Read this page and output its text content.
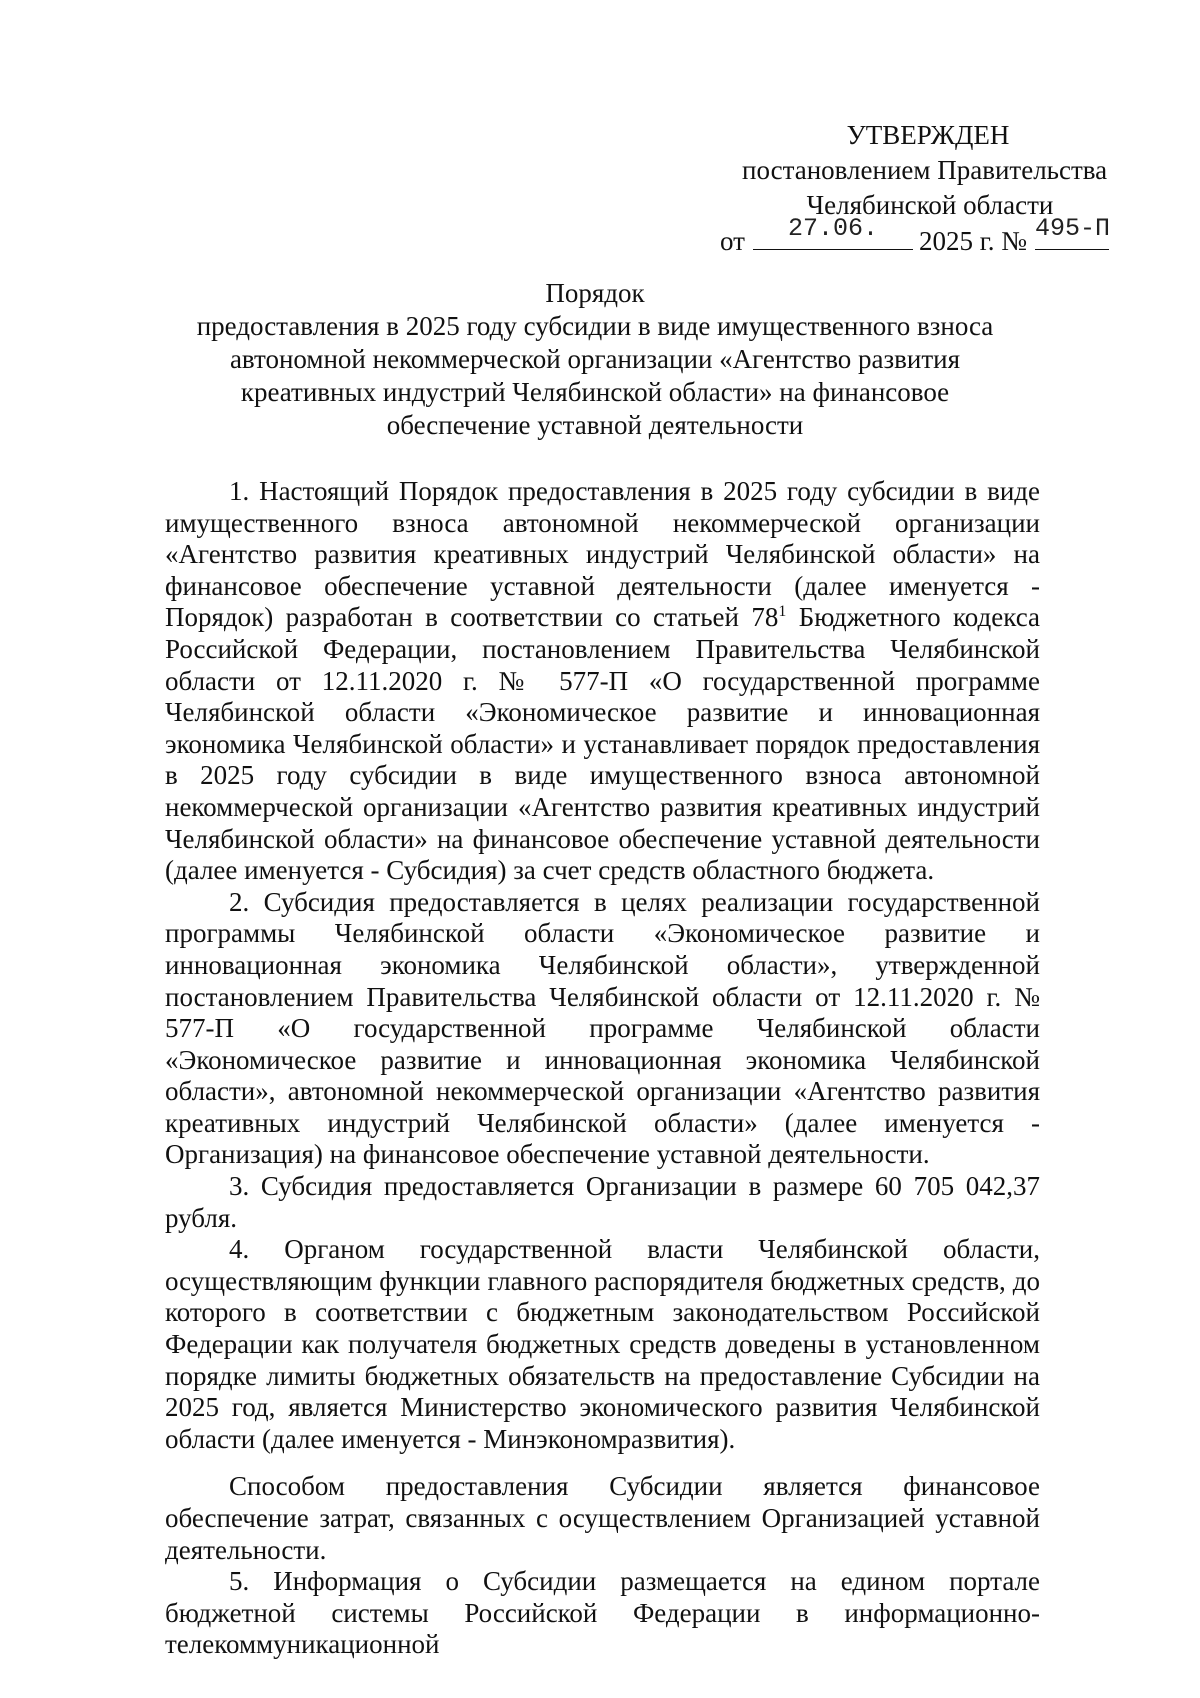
УТВЕРЖДЕН
постановлением Правительства
Челябинской области
от	27.06.	2025 г. № 495-П
Порядок
предоставления в 2025 году субсидии в виде имущественного взноса
автономной некоммерческой организации «Агентство развития
креативных индустрий Челябинской области» на финансовое
обеспечение уставной деятельности

1. Настоящий Порядок предоставления в 2025 году субсидии в виде имущественного взноса автономной некоммерческой организации «Агентство развития креативных индустрий Челябинской области» на финансовое обеспечение уставной деятельности (далее именуется - Порядок) разработан в соответствии со статьей $78^1$ Бюджетного кодекса Российской Федерации, постановлением Правительства Челябинской области от 12.11.2020 г. № 577-П «О государственной программе Челябинской области «Экономическое развитие и инновационная экономика Челябинской области» и устанавливает порядок предоставления в 2025 году субсидии в виде имущественного взноса автономной некоммерческой организации «Агентство развития креативных индустрий Челябинской области» на финансовое обеспечение уставной деятельности (далее именуется - Субсидия) за счет средств областного бюджета.

2. Субсидия предоставляется в целях реализации государственной программы Челябинской области «Экономическое развитие и инновационная экономика Челябинской области», утвержденной постановлением Правительства Челябинской области от 12.11.2020 г. № 577-П «О государственной программе Челябинской области «Экономическое развитие и инновационная экономика Челябинской области», автономной некоммерческой организации «Агентство развития креативных индустрий Челябинской области» (далее именуется - Организация) на финансовое обеспечение уставной деятельности.

3. Субсидия предоставляется Организации в размере 60 705 042,37 рубля.

4. Органом государственной власти Челябинской области, осуществляющим функции главного распорядителя бюджетных средств, до которого в соответствии с бюджетным законодательством Российской Федерации как получателя бюджетных средств доведены в установленном порядке лимиты бюджетных обязательств на предоставление Субсидии на 2025 год, является Министерство экономического развития Челябинской области (далее именуется - Минэкономразвития).

Способом предоставления Субсидии является финансовое обеспечение затрат, связанных с осуществлением Организацией уставной деятельности.

5. Информация о Субсидии размещается на едином портале бюджетной системы Российской Федерации в информационно-телекоммуникационной
